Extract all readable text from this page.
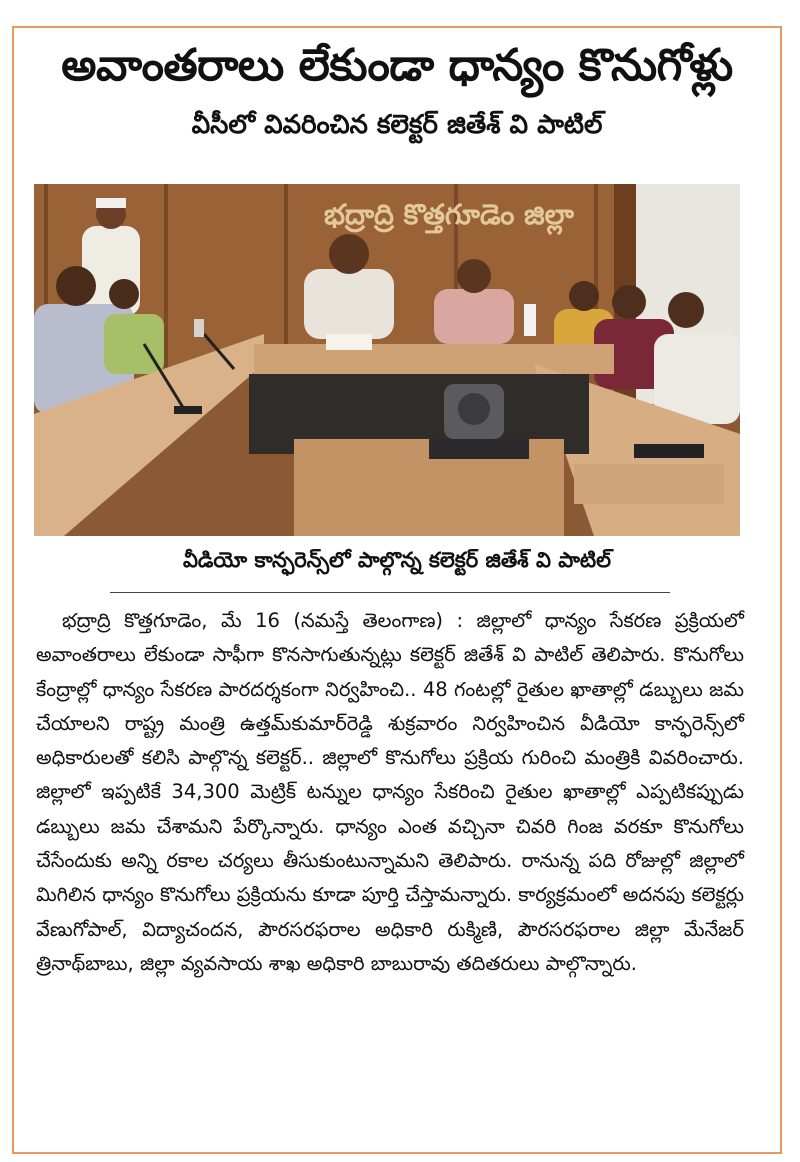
అవాంతరాలు లేకుండా ధాన్యం కొనుగోళ్లు
వీసీలో వివరించిన కలెక్టర్ జితేశ్ వి పాటిల్
భద్రాద్రి కొత్తగూడెం జిల్లా
వీడియో కాన్ఫరెన్స్‌లో పాల్గొన్న కలెక్టర్ జితేశ్ వి పాటిల్

భద్రాద్రి కొత్తగూడెం, మే 16 (నమస్తే తెలంగాణ) : జిల్లాలో ధాన్యం సేకరణ ప్రక్రియలో అవాంతరాలు లేకుండా సాఫీగా కొనసాగుతున్నట్లు కలెక్టర్ జితేశ్ వి పాటిల్ తెలిపారు. కొనుగోలు కేంద్రాల్లో ధాన్యం సేకరణ పారదర్శకంగా నిర్వహించి.. 48 గంటల్లో రైతుల ఖాతాల్లో డబ్బులు జమ చేయాలని రాష్ట్ర మంత్రి ఉత్తమ్‌కుమార్‌రెడ్డి శుక్రవారం నిర్వహించిన వీడియో కాన్ఫరెన్స్‌లో అధికారులతో కలిసి పాల్గొన్న కలెక్టర్.. జిల్లాలో కొనుగోలు ప్రక్రియ గురించి మంత్రికి వివరించారు. జిల్లాలో ఇప్పటికే 34,300 మెట్రిక్ టన్నుల ధాన్యం సేకరించి రైతుల ఖాతాల్లో ఎప్పటికప్పుడు డబ్బులు జమ చేశామని పేర్కొన్నారు. ధాన్యం ఎంత వచ్చినా చివరి గింజ వరకూ కొనుగోలు చేసేందుకు అన్ని రకాల చర్యలు తీసుకుంటున్నామని తెలిపారు. రానున్న పది రోజుల్లో జిల్లాలో మిగిలిన ధాన్యం కొనుగోలు ప్రక్రియను కూడా పూర్తి చేస్తామన్నారు. కార్యక్రమంలో అదనపు కలెక్టర్లు వేణుగోపాల్, విద్యాచందన, పౌరసరఫరాల అధికారి రుక్మిణి, పౌరసరఫరాల జిల్లా మేనేజర్ త్రినాథ్‌బాబు, జిల్లా వ్యవసాయ శాఖ అధికారి బాబురావు తదితరులు పాల్గొన్నారు.
